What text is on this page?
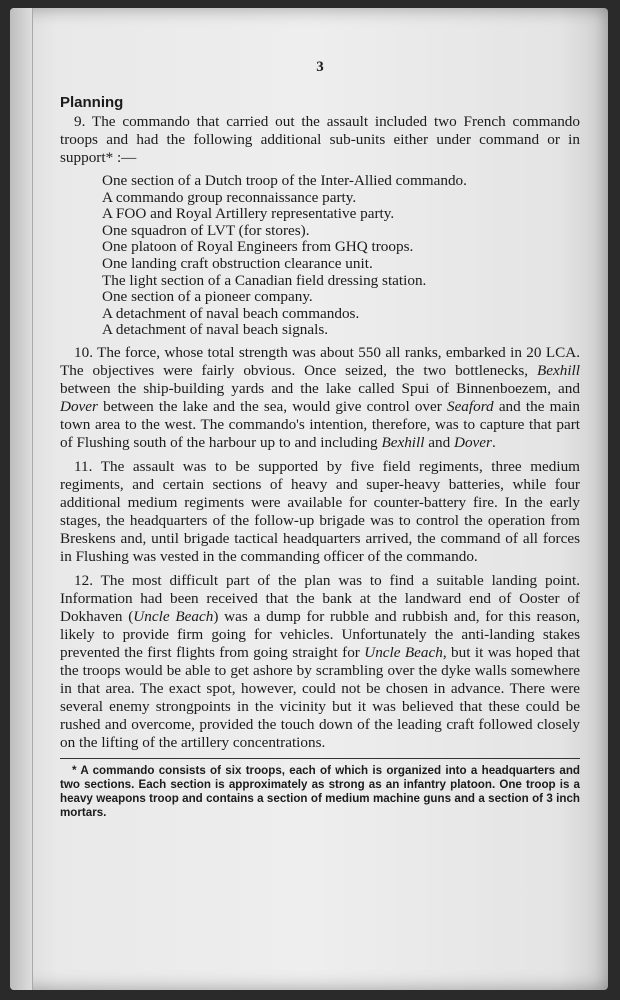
3
Planning

9. The commando that carried out the assault included two French commando troops and had the following additional sub-units either under command or in support* :—

One section of a Dutch troop of the Inter-Allied commando.
A commando group reconnaissance party.
A FOO and Royal Artillery representative party.
One squadron of LVT (for stores).
One platoon of Royal Engineers from GHQ troops.
One landing craft obstruction clearance unit.
The light section of a Canadian field dressing station.
One section of a pioneer company.
A detachment of naval beach commandos.
A detachment of naval beach signals.

10. The force, whose total strength was about 550 all ranks, embarked in 20 LCA. The objectives were fairly obvious. Once seized, the two bottlenecks, Bexhill between the ship-building yards and the lake called Spui of Binnenboezem, and Dover between the lake and the sea, would give control over Seaford and the main town area to the west. The commando's intention, therefore, was to capture that part of Flushing south of the harbour up to and including Bexhill and Dover.

11. The assault was to be supported by five field regiments, three medium regiments, and certain sections of heavy and super-heavy batteries, while four additional medium regiments were available for counter-battery fire. In the early stages, the headquarters of the follow-up brigade was to control the operation from Breskens and, until brigade tactical headquarters arrived, the command of all forces in Flushing was vested in the commanding officer of the commando.

12. The most difficult part of the plan was to find a suitable landing point. Information had been received that the bank at the landward end of Ooster of Dokhaven (Uncle Beach) was a dump for rubble and rubbish and, for this reason, likely to provide firm going for vehicles. Unfortunately the anti-landing stakes prevented the first flights from going straight for Uncle Beach, but it was hoped that the troops would be able to get ashore by scrambling over the dyke walls somewhere in that area. The exact spot, however, could not be chosen in advance. There were several enemy strongpoints in the vicinity but it was believed that these could be rushed and overcome, provided the touch down of the leading craft followed closely on the lifting of the artillery concentrations.

* A commando consists of six troops, each of which is organized into a headquarters and two sections. Each section is approximately as strong as an infantry platoon. One troop is a heavy weapons troop and contains a section of medium machine guns and a section of 3 inch mortars.
